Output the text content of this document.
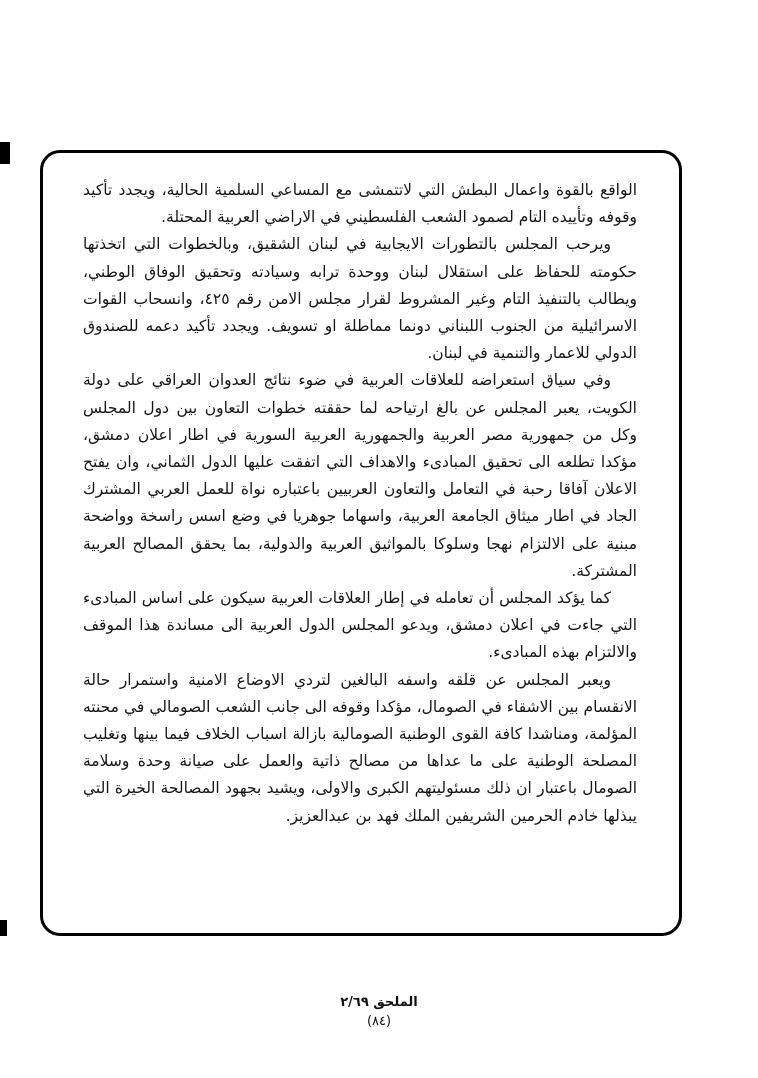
الواقع بالقوة واعمال البطش التي لاتتمشى مع المساعي السلمية الحالية، ويجدد تأكيد وقوفه وتأييده التام لصمود الشعب الفلسطيني في الاراضي العربية المحتلة.

ويرحب المجلس بالتطورات الايجابية في لبنان الشقيق، وبالخطوات التي اتخذتها حكومته للحفاظ على استقلال لبنان ووحدة ترابه وسيادته وتحقيق الوفاق الوطني، ويطالب بالتنفيذ التام وغير المشروط لقرار مجلس الامن رقم ٤٢٥، وانسحاب القوات الاسرائيلية من الجنوب اللبناني دونما مماطلة او تسويف. ويجدد تأكيد دعمه للصندوق الدولي للاعمار والتنمية في لبنان.

وفي سياق استعراضه للعلاقات العربية في ضوء نتائج العدوان العراقي على دولة الكويت، يعبر المجلس عن بالغ ارتياحه لما حققته خطوات التعاون بين دول المجلس وكل من جمهورية مصر العربية والجمهورية العربية السورية في اطار اعلان دمشق، مؤكدا تطلعه الى تحقيق المبادىء والاهداف التي اتفقت عليها الدول الثماني، وان يفتح الاعلان آفاقا رحبة في التعامل والتعاون العربيين باعتباره نواة للعمل العربي المشترك الجاد في اطار ميثاق الجامعة العربية، واسهاما جوهريا في وضع اسس راسخة وواضحة مبنية على الالتزام نهجا وسلوكا بالمواثيق العربية والدولية، بما يحقق المصالح العربية المشتركة.

كما يؤكد المجلس أن تعامله في إطار العلاقات العربية سيكون على اساس المبادىء التي جاءت في اعلان دمشق، ويدعو المجلس الدول العربية الى مساندة هذا الموقف والالتزام بهذه المبادىء.

ويعبر المجلس عن قلقه واسفه البالغين لتردي الاوضاع الامنية واستمرار حالة الانقسام بين الاشقاء في الصومال، مؤكدا وقوفه الى جانب الشعب الصومالي في محنته المؤلمة، ومناشدا كافة القوى الوطنية الصومالية بازالة اسباب الخلاف فيما بينها وتغليب المصلحة الوطنية على ما عداها من مصالح ذاتية والعمل على صيانة وحدة وسلامة الصومال باعتبار ان ذلك مسئوليتهم الكبرى والاولى، ويشيد بجهود المصالحة الخيرة التي يبذلها خادم الحرمين الشريفين الملك فهد بن عبدالعزيز.

الملحق ٢/٦٩
(٨٤)
